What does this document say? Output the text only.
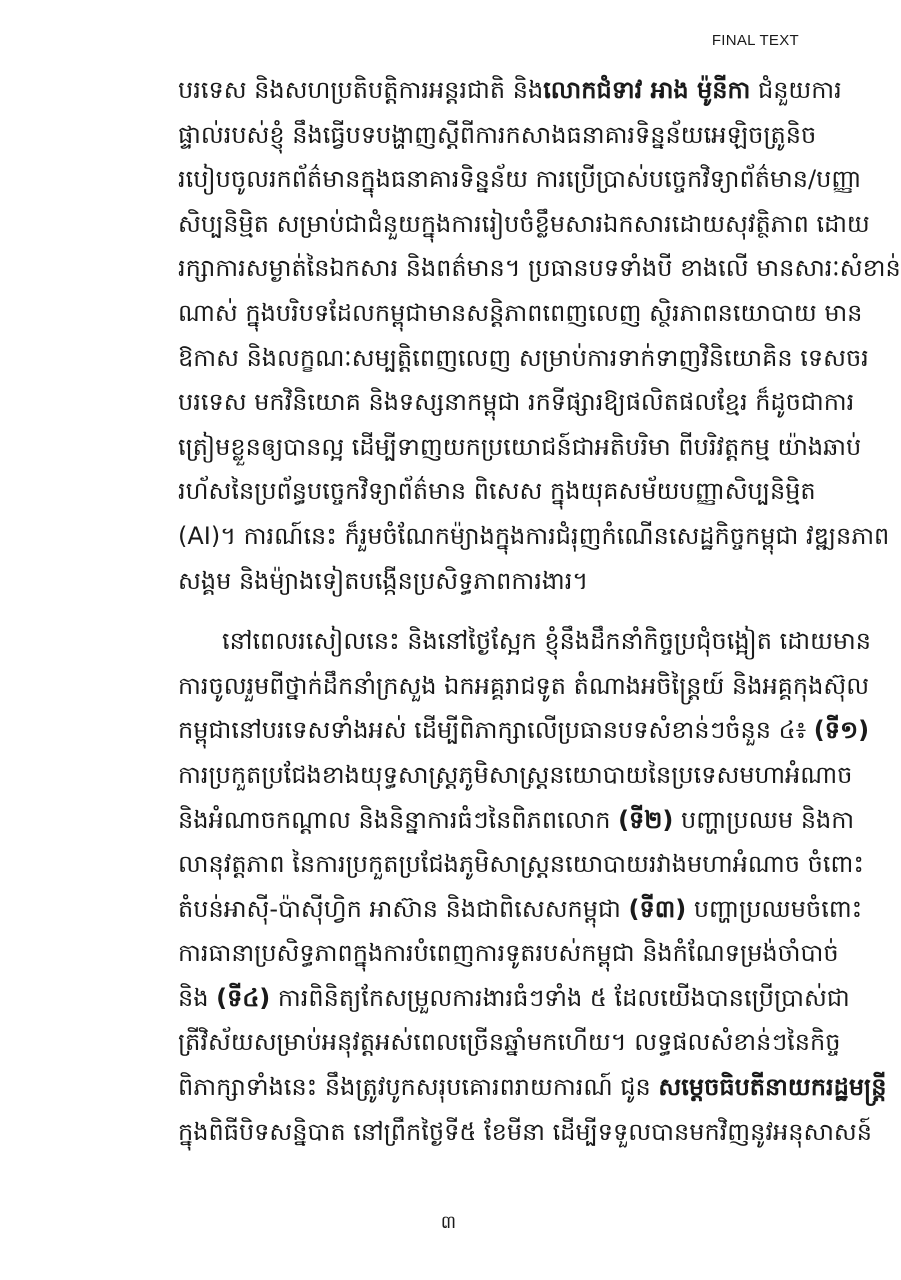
FINAL TEXT
បរទេស និងសហប្រតិបត្តិការអន្តរជាតិ និងលោកជំទាវ អាង ម៉ូនីកា ជំនួយការ
ផ្ទាល់របស់ខ្ញុំ នឹងធ្វើបទបង្ហាញស្តីពីការកសាងធនាគារទិន្នន័យអេឡិចត្រូនិច
របៀបចូលរកព័ត៌មានក្នុងធនាគារទិន្នន័យ ការប្រើប្រាស់បច្ចេកវិទ្យាព័ត៌មាន/បញ្ញា
សិប្បនិម្មិត សម្រាប់ជាជំនួយក្នុងការរៀបចំខ្លឹមសារឯកសារដោយសុវត្ថិភាព ដោយ
រក្សាការសម្ងាត់នៃឯកសារ និងពត៌មាន។ ប្រធានបទទាំងបី ខាងលើ មានសារៈសំខាន់
ណាស់ ក្នុងបរិបទដែលកម្ពុជាមានសន្តិភាពពេញលេញ ស្ថិរភាពនយោបាយ មាន
ឱកាស និងលក្ខណៈសម្បត្តិពេញលេញ សម្រាប់ការទាក់ទាញវិនិយោគិន ទេសចរ
បរទេស មកវិនិយោគ និងទស្សនាកម្ពុជា រកទីផ្សារឱ្យផលិតផលខ្មែរ ក៏ដូចជាការ
ត្រៀមខ្លួនឲ្យបានល្អ ដើម្បីទាញយកប្រយោជន៍ជាអតិបរិមា ពីបរិវត្តកម្ម យ៉ាងឆាប់
រហ័សនៃប្រព័ន្ធបច្ចេកវិទ្យាព័ត៌មាន ពិសេស ក្នុងយុគសម័យបញ្ញាសិប្បនិម្មិត
(AI)។ ការណ៍នេះ ក៏រួមចំណែកម៉្យាងក្នុងការជំរុញកំណើនសេដ្ឋកិច្ចកម្ពុជា វឌ្ឍនភាព
សង្គម និងម៉្យាងទៀតបង្កើនប្រសិទ្ធភាពការងារ។
នៅពេលរសៀលនេះ និងនៅថ្ងៃស្អែក ខ្ញុំនឹងដឹកនាំកិច្ចប្រជុំចង្អៀត ដោយមាន
ការចូលរួមពីថ្នាក់ដឹកនាំក្រសួង ឯកអគ្គរាជទូត តំណាងអចិន្ត្រៃយ៍ និងអគ្គកុងស៊ុល
កម្ពុជានៅបរទេសទាំងអស់ ដើម្បីពិភាក្សាលើប្រធានបទសំខាន់ៗចំនួន ៤៖ (ទី១)
ការប្រកួតប្រជែងខាងយុទ្ធសាស្ត្រភូមិសាស្ត្រនយោបាយនៃប្រទេសមហាអំណាច
និងអំណាចកណ្តាល និងនិន្នាការធំៗនៃពិភពលោក (ទី២) បញ្ហាប្រឈម និងកា
លានុវត្តភាព នៃការប្រកួតប្រជែងភូមិសាស្ត្រនយោបាយរវាងមហាអំណាច ចំពោះ
តំបន់អាស៊ី-ប៉ាស៊ីហ្វិក អាស៊ាន និងជាពិសេសកម្ពុជា (ទី៣) បញ្ហាប្រឈមចំពោះ
ការធានាប្រសិទ្ធភាពក្នុងការបំពេញការទូតរបស់កម្ពុជា និងកំណែទម្រង់ចាំបាច់
និង (ទី៤) ការពិនិត្យកែសម្រួលការងារធំៗទាំង ៥ ដែលយើងបានប្រើប្រាស់ជា
ត្រីវិស័យសម្រាប់អនុវត្តអស់ពេលច្រើនឆ្នាំមកហើយ។ លទ្ធផលសំខាន់ៗនៃកិច្ច
ពិភាក្សាទាំងនេះ នឹងត្រូវបូកសរុបគោរពរាយការណ៍ ជូន សម្តេចធិបតីនាយករដ្ឋមន្ត្រី
ក្នុងពិធីបិទសន្និបាត នៅព្រឹកថ្ងៃទី៥ ខែមីនា ដើម្បីទទួលបានមកវិញនូវអនុសាសន៍
៣
